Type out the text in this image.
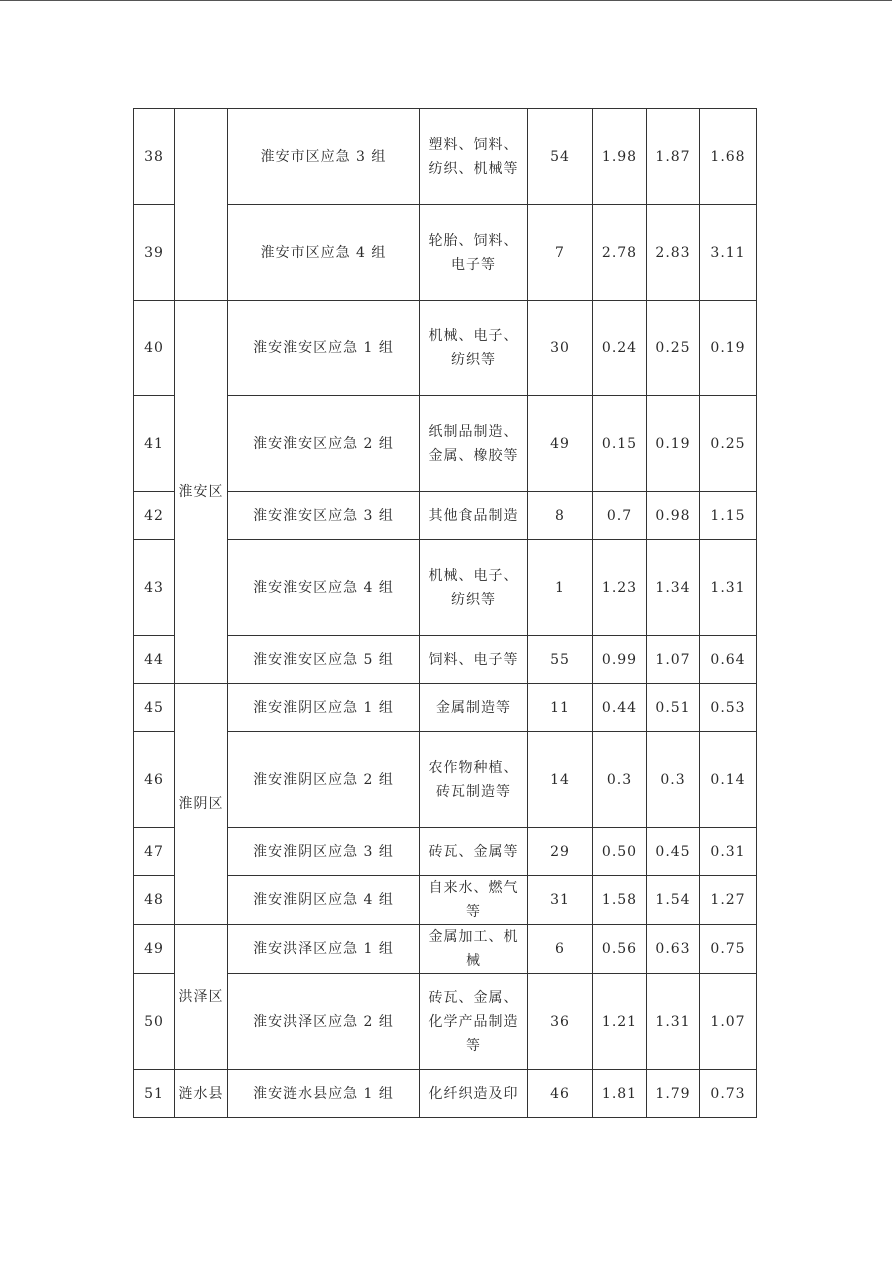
38		淮安市区应急 3 组	塑料、饲料、纺织、机械等	54	1.98	1.87	1.68
39		淮安市区应急 4 组	轮胎、饲料、电子等	7	2.78	2.83	3.11
40	淮安区	淮安淮安区应急 1 组	机械、电子、纺织等	30	0.24	0.25	0.19
41		淮安淮安区应急 2 组	纸制品制造、金属、橡胶等	49	0.15	0.19	0.25
42		淮安淮安区应急 3 组	其他食品制造	8	0.7	0.98	1.15
43		淮安淮安区应急 4 组	机械、电子、纺织等	1	1.23	1.34	1.31
44		淮安淮安区应急 5 组	饲料、电子等	55	0.99	1.07	0.64
45	淮阴区	淮安淮阴区应急 1 组	金属制造等	11	0.44	0.51	0.53
46		淮安淮阴区应急 2 组	农作物种植、砖瓦制造等	14	0.3	0.3	0.14
47		淮安淮阴区应急 3 组	砖瓦、金属等	29	0.50	0.45	0.31
48		淮安淮阴区应急 4 组	自来水、燃气等	31	1.58	1.54	1.27
49	洪泽区	淮安洪泽区应急 1 组	金属加工、机械	6	0.56	0.63	0.75
50		淮安洪泽区应急 2 组	砖瓦、金属、化学产品制造等	36	1.21	1.31	1.07
51	涟水县	淮安涟水县应急 1 组	化纤织造及印	46	1.81	1.79	0.73
